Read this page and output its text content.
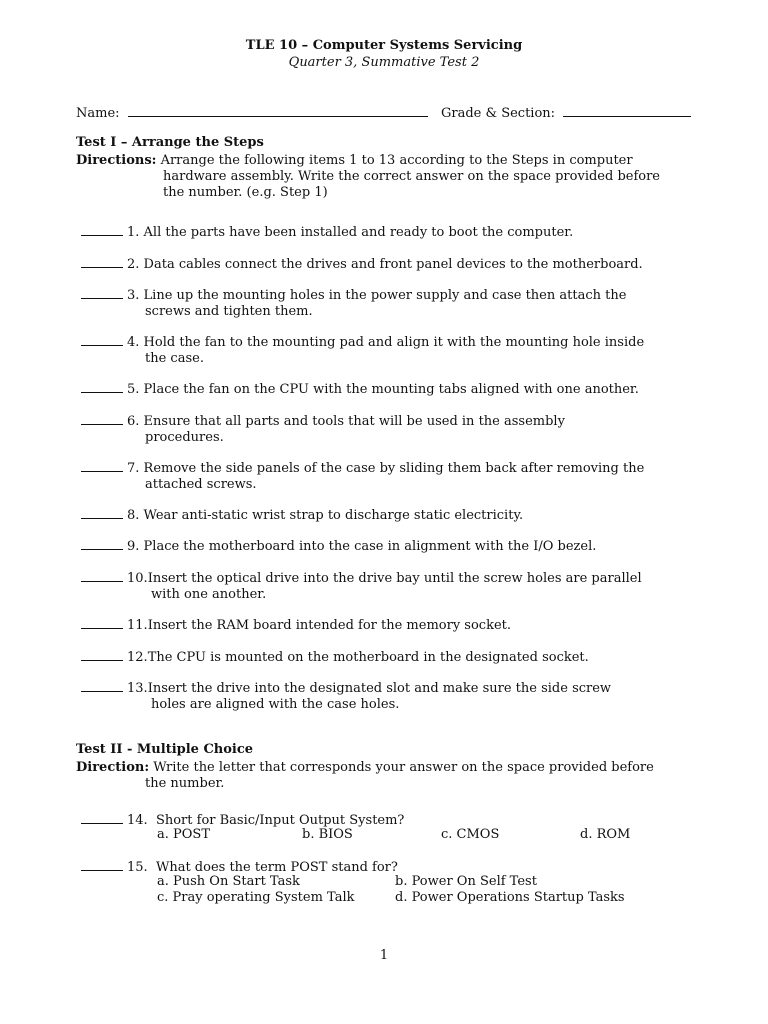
TLE 10 – Computer Systems Servicing
Quarter 3, Summative Test 2
Name:	Grade & Section:
Test I – Arrange the Steps
Directions: Arrange the following items 1 to 13 according to the Steps in computer
hardware assembly. Write the correct answer on the space provided before
the number. (e.g. Step 1)
1. All the parts have been installed and ready to boot the computer.
2. Data cables connect the drives and front panel devices to the motherboard.
3. Line up the mounting holes in the power supply and case then attach the
screws and tighten them.
4. Hold the fan to the mounting pad and align it with the mounting hole inside
the case.
5. Place the fan on the CPU with the mounting tabs aligned with one another.
6. Ensure that all parts and tools that will be used in the assembly
procedures.
7. Remove the side panels of the case by sliding them back after removing the
attached screws.
8. Wear anti-static wrist strap to discharge static electricity.
9. Place the motherboard into the case in alignment with the I/O bezel.
10.Insert the optical drive into the drive bay until the screw holes are parallel
with one another.
11.Insert the RAM board intended for the memory socket.
12.The CPU is mounted on the motherboard in the designated socket.
13.Insert the drive into the designated slot and make sure the side screw
holes are aligned with the case holes.
Test II - Multiple Choice
Direction: Write the letter that corresponds your answer on the space provided before
the number.
14. Short for Basic/Input Output System?
a. POST	b. BIOS	c. CMOS	d. ROM
15. What does the term POST stand for?
a. Push On Start Task	b. Power On Self Test
c. Pray operating System Talk	d. Power Operations Startup Tasks
1
